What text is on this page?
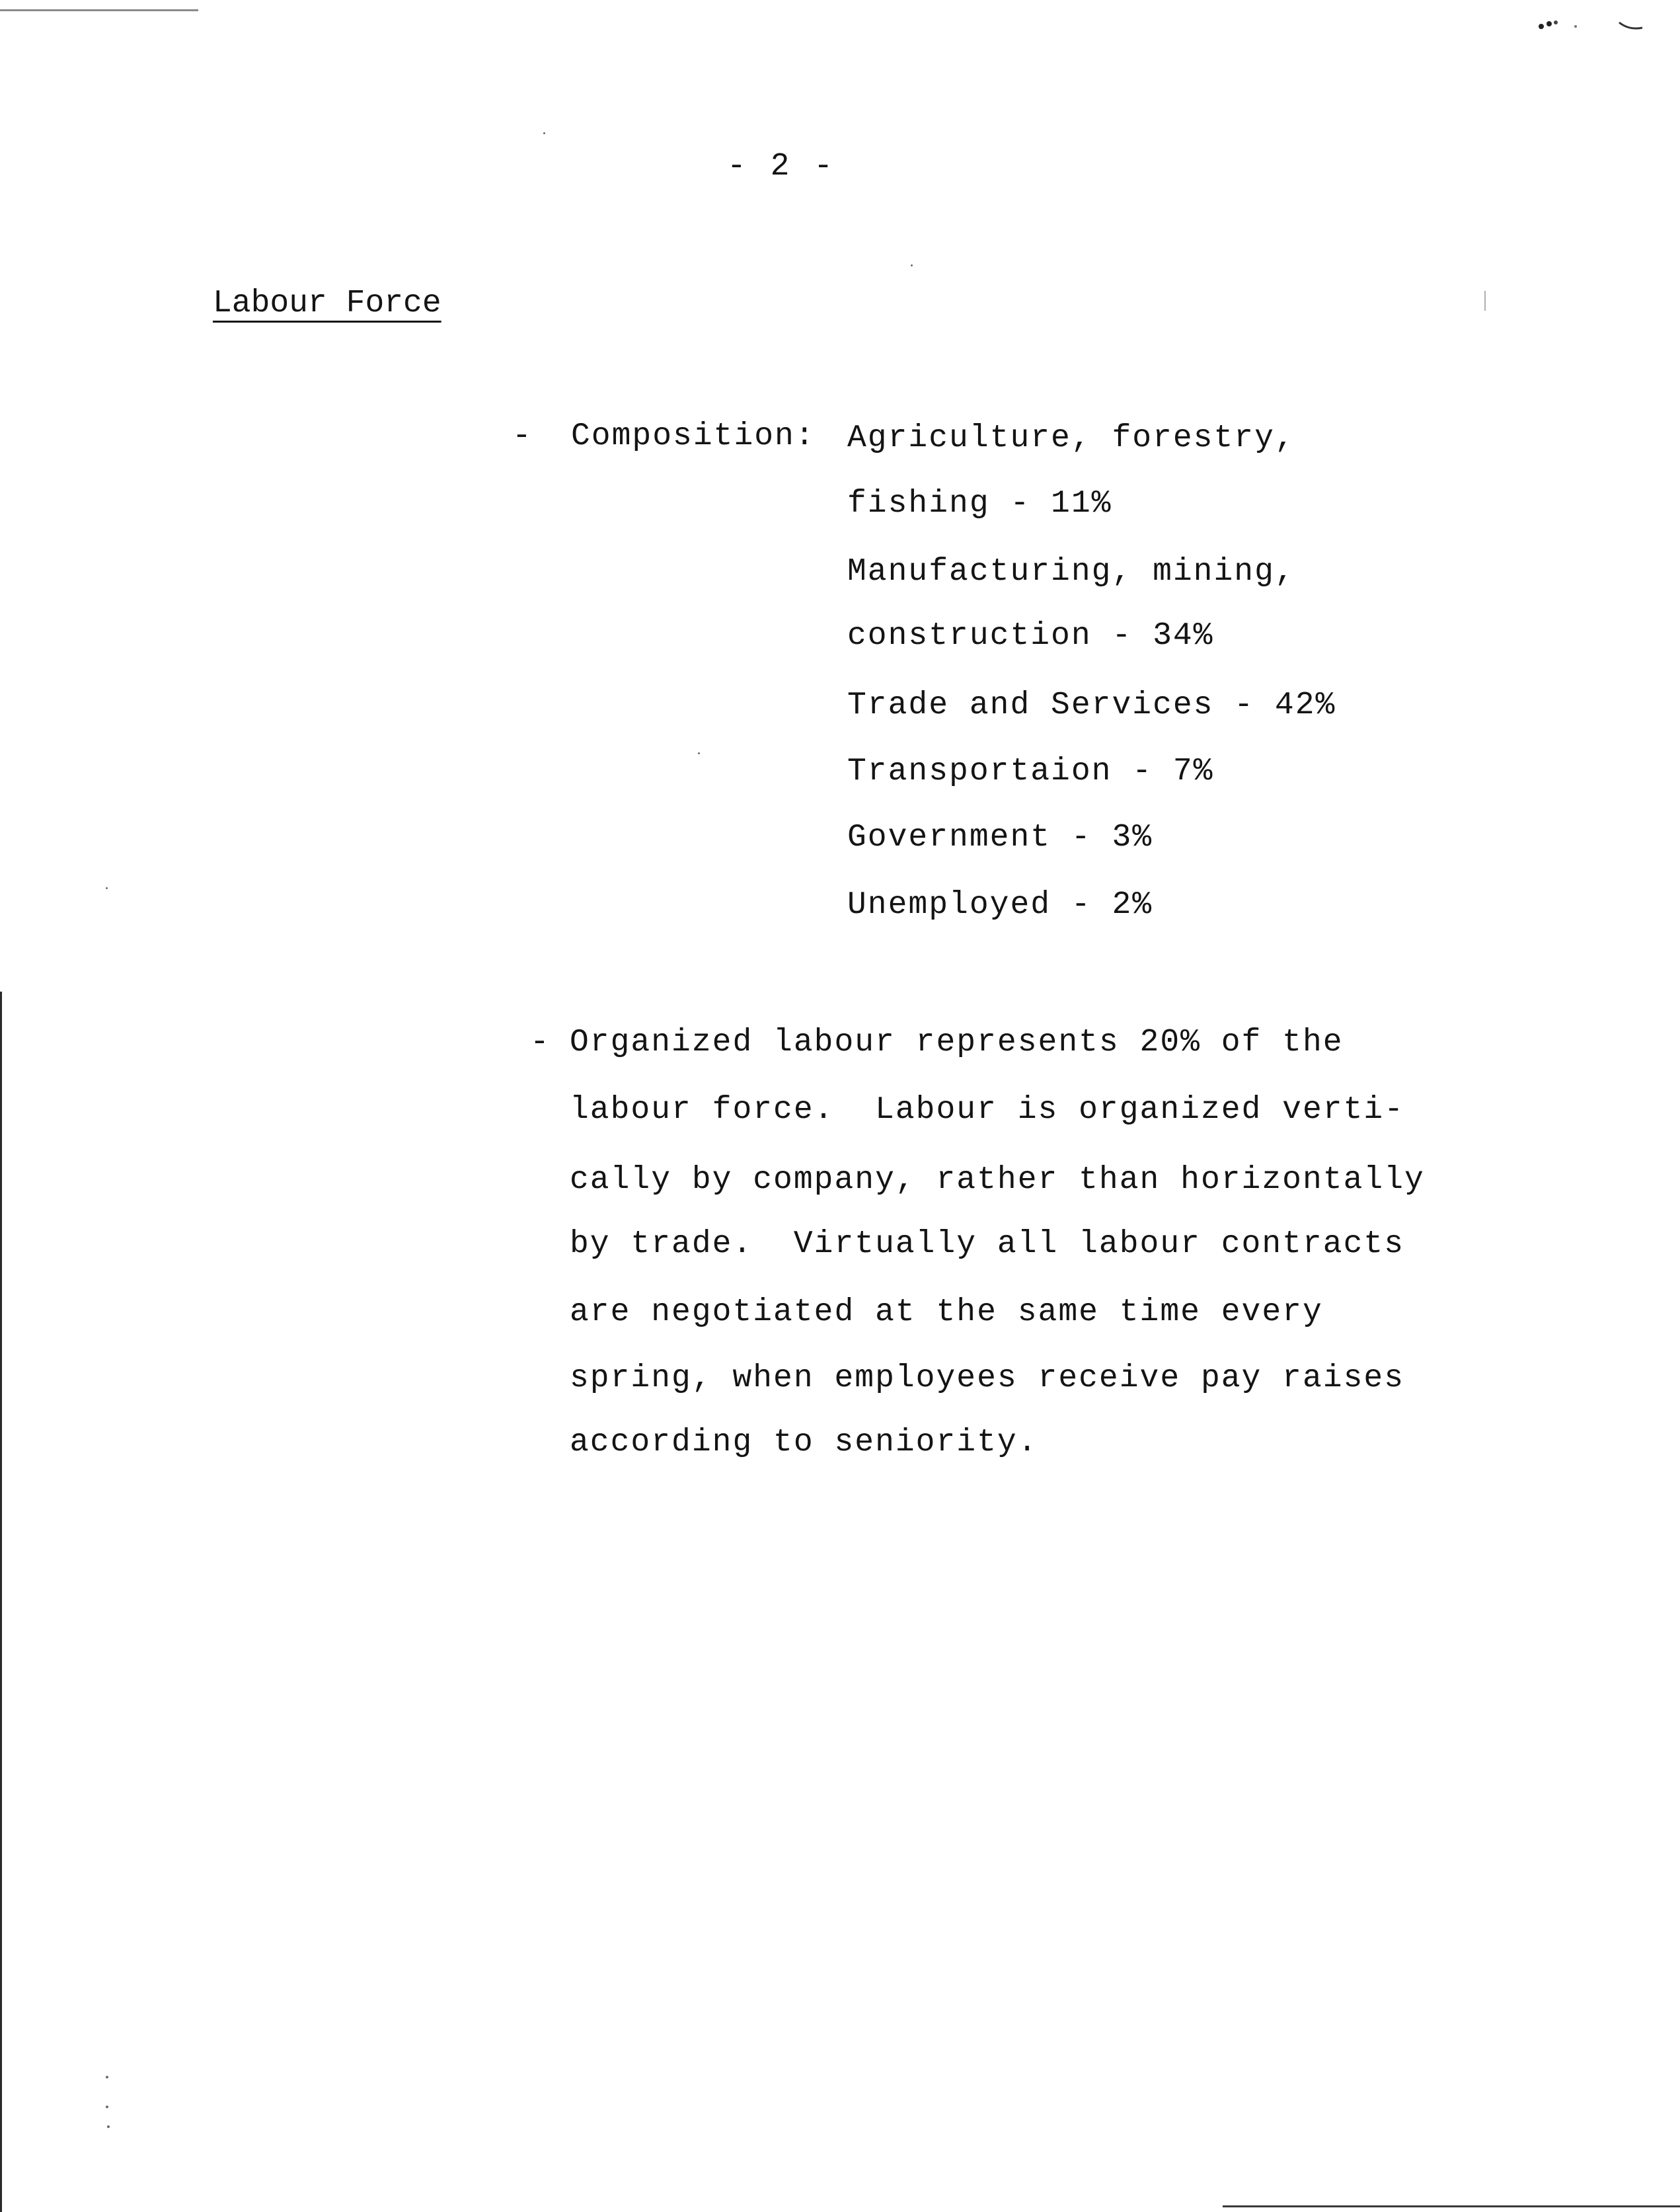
- 2 -
Labour Force
- Composition: Agriculture, forestry,
fishing - 11%
Manufacturing, mining,
construction - 34%
Trade and Services - 42%
Transportaion - 7%
Government - 3%
Unemployed - 2%
- Organized labour represents 20% of the
labour force.  Labour is organized verti-
cally by company, rather than horizontally
by trade.  Virtually all labour contracts
are negotiated at the same time every
spring, when employees receive pay raises
according to seniority.
